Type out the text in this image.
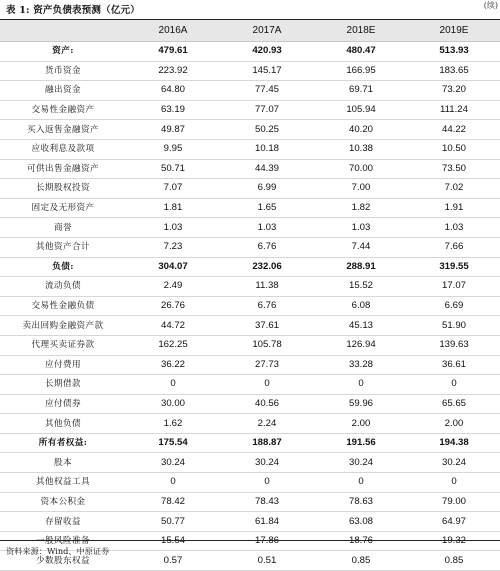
表 1: 资产负债表预测（亿元）	(续)
	2016A	2017A	2018E	2019E
资产:	479.61	420.93	480.47	513.93
货币资金	223.92	145.17	166.95	183.65
融出资金	64.80	77.45	69.71	73.20
交易性金融资产	63.19	77.07	105.94	111.24
买入返售金融资产	49.87	50.25	40.20	44.22
应收利息及款项	9.95	10.18	10.38	10.50
可供出售金融资产	50.71	44.39	70.00	73.50
长期股权投资	7.07	6.99	7.00	7.02
固定及无形资产	1.81	1.65	1.82	1.91
商誉	1.03	1.03	1.03	1.03
其他资产合计	7.23	6.76	7.44	7.66
负债:	304.07	232.06	288.91	319.55
流动负债	2.49	11.38	15.52	17.07
交易性金融负债	26.76	6.76	6.08	6.69
卖出回购金融资产款	44.72	37.61	45.13	51.90
代理买卖证券款	162.25	105.78	126.94	139.63
应付费用	36.22	27.73	33.28	36.61
长期借款	0	0	0	0
应付债券	30.00	40.56	59.96	65.65
其他负债	1.62	2.24	2.00	2.00
所有者权益:	175.54	188.87	191.56	194.38
股本	30.24	30.24	30.24	30.24
其他权益工具	0	0	0	0
资本公积金	78.42	78.43	78.63	79.00
存留收益	50.77	61.84	63.08	64.97
一般风险准备	15.54	17.86	18.76	19.32
少数股东权益	0.57	0.51	0.85	0.85
资料来源：Wind、中原证券
